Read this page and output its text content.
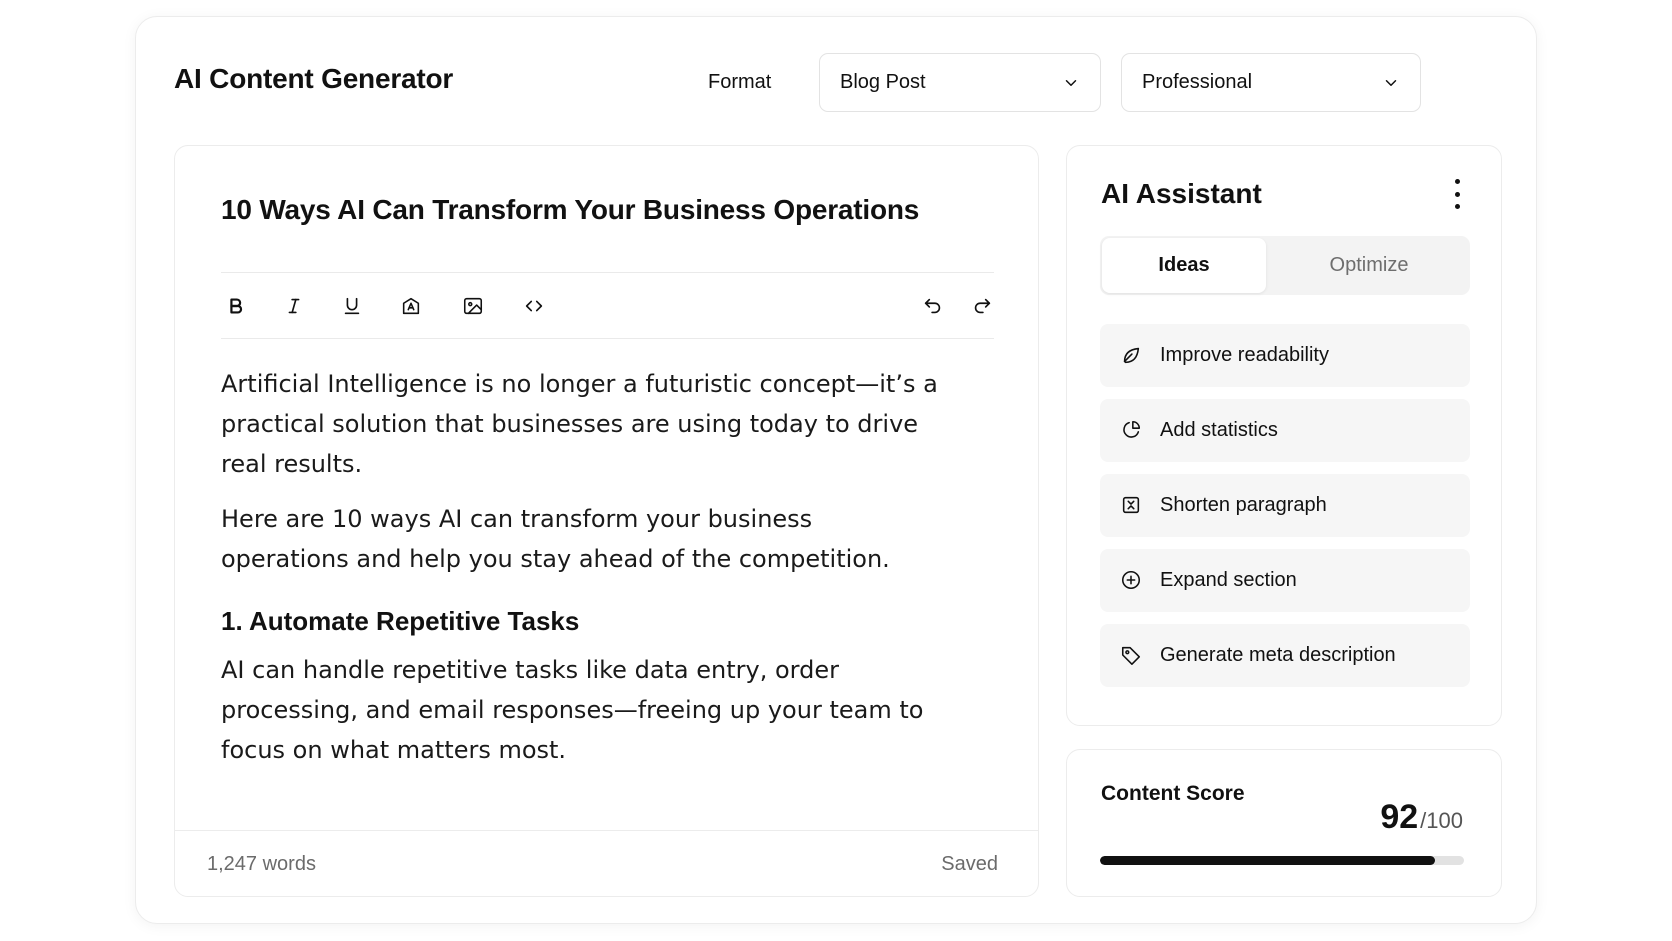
AI Content Generator	Format	Blog Post	Professional
10 Ways AI Can Transform Your Business Operations

Artificial Intelligence is no longer a futuristic concept—it’s a practical solution that businesses are using today to drive real results.

Here are 10 ways AI can transform your business operations and help you stay ahead of the competition.

1. Automate Repetitive Tasks

AI can handle repetitive tasks like data entry, order processing, and email responses—freeing up your team to focus on what matters most.

1,247 words	Saved
AI Assistant
Ideas	Optimize
Improve readability
Add statistics
Shorten paragraph
Expand section
Generate meta description
Content Score
92 /100
